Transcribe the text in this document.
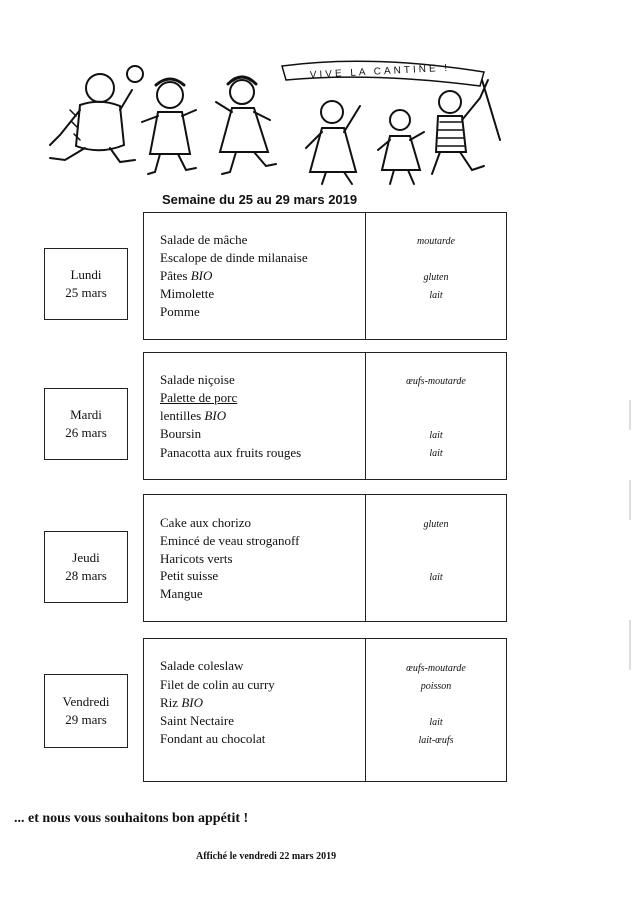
VIVE LA CANTINE !
Semaine du 25 au 29 mars 2019
Lundi
25 mars
Salade de mâche
Escalope de dinde milanaise
Pâtes BIO
Mimolette
Pomme
moutarde
gluten
lait
Mardi
26 mars
Salade niçoise
Palette de porc
lentilles BIO
Boursin
Panacotta aux fruits rouges
œufs-moutarde
lait
lait
Jeudi
28 mars
Cake aux chorizo
Emincé de veau stroganoff
Haricots verts
Petit suisse
Mangue
gluten
lait
Vendredi
29 mars
Salade coleslaw
Filet de colin au curry
Riz BIO
Saint Nectaire
Fondant au chocolat
œufs-moutarde
poisson
lait
lait-œufs
... et nous vous souhaitons bon appétit !
Affiché le vendredi 22 mars 2019
